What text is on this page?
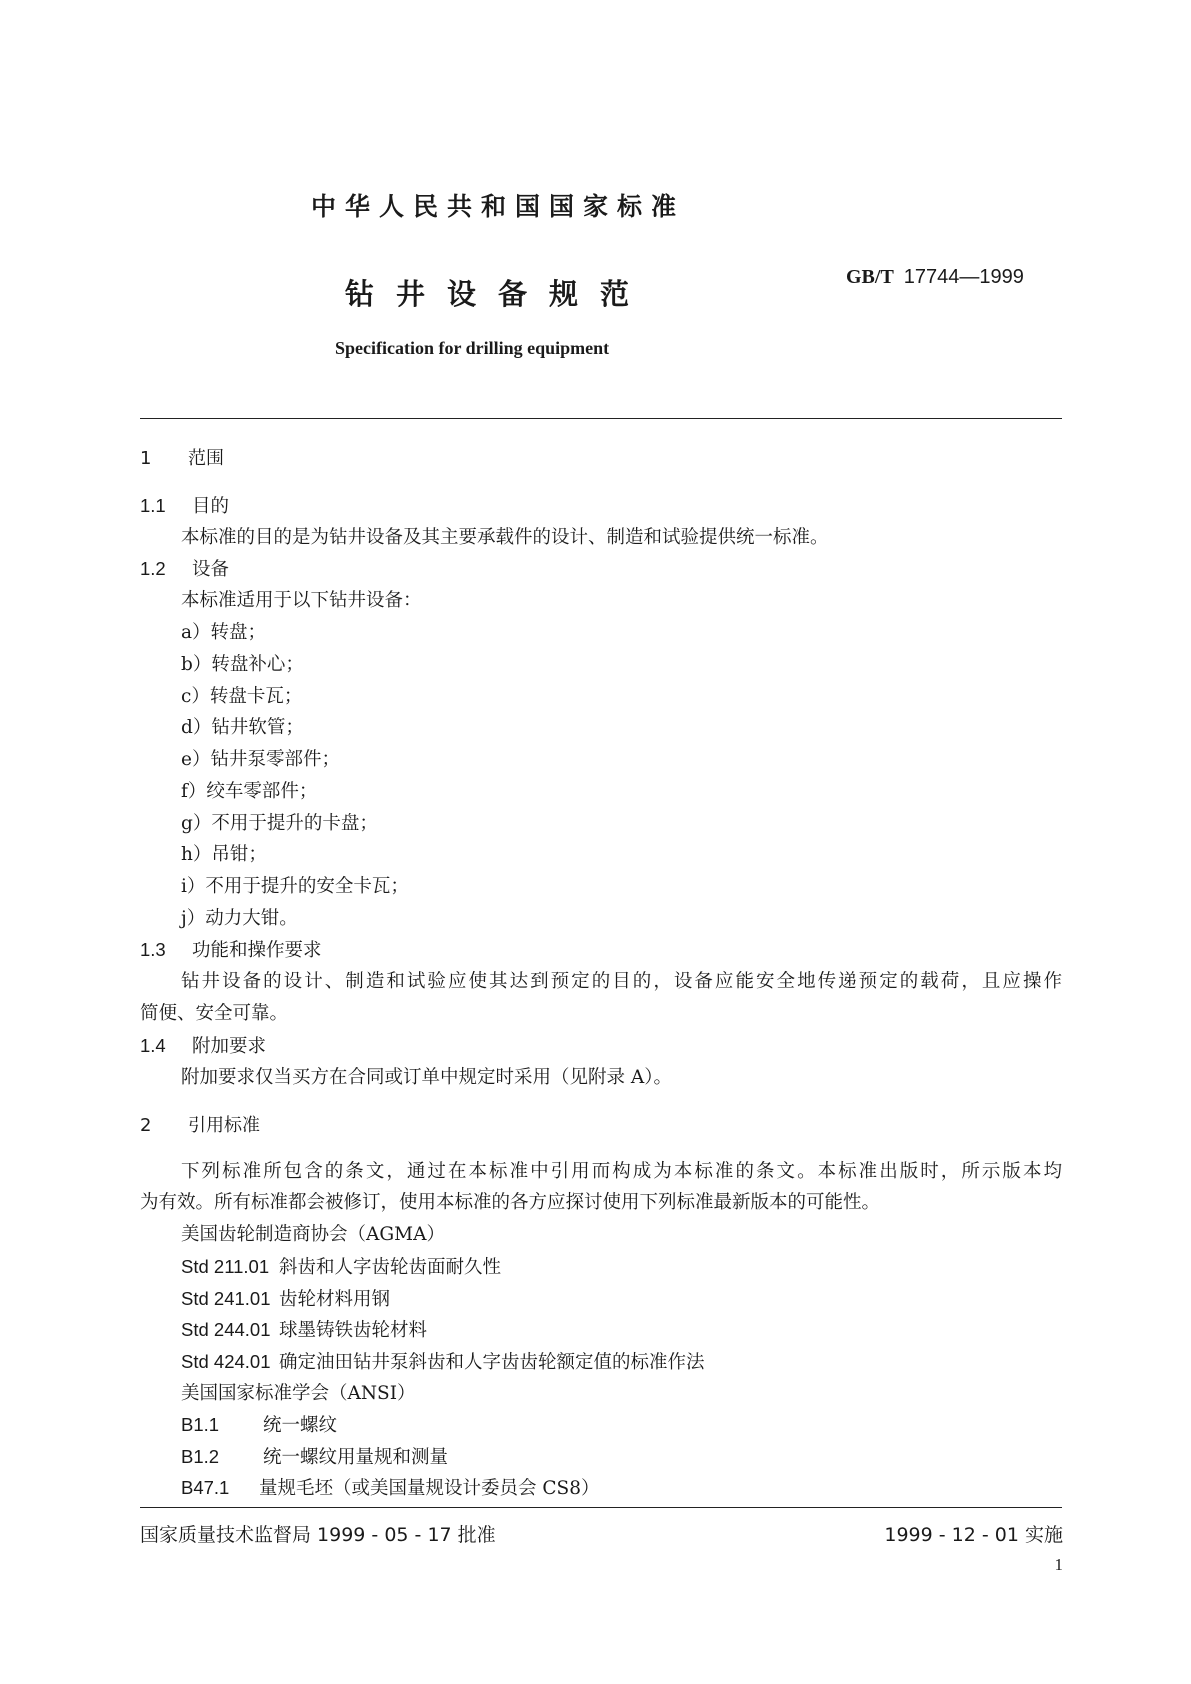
中华人民共和国国家标准
钻井设备规范	GB/T 17744—1999
Specification for drilling equipment
1 范围
1.1 目的
本标准的目的是为钻井设备及其主要承载件的设计、制造和试验提供统一标准。
1.2 设备
本标准适用于以下钻井设备：
a）转盘；
b）转盘补心；
c）转盘卡瓦；
d）钻井软管；
e）钻井泵零部件；
f）绞车零部件；
g）不用于提升的卡盘；
h）吊钳；
i）不用于提升的安全卡瓦；
j）动力大钳。
1.3 功能和操作要求
钻井设备的设计、制造和试验应使其达到预定的目的，设备应能安全地传递预定的载荷，且应操作
简便、安全可靠。
1.4 附加要求
附加要求仅当买方在合同或订单中规定时采用（见附录 A）。
2 引用标准
下列标准所包含的条文，通过在本标准中引用而构成为本标准的条文。本标准出版时，所示版本均
为有效。所有标准都会被修订，使用本标准的各方应探讨使用下列标准最新版本的可能性。
美国齿轮制造商协会（AGMA）
Std 211.01 斜齿和人字齿轮齿面耐久性
Std 241.01 齿轮材料用钢
Std 244.01 球墨铸铁齿轮材料
Std 424.01 确定油田钻井泵斜齿和人字齿齿轮额定值的标准作法
美国国家标准学会（ANSI）
B1.1 统一螺纹
B1.2 统一螺纹用量规和测量
B47.1 量规毛坯（或美国量规设计委员会 CS8）
国家质量技术监督局 1999 - 05 - 17 批准	1999 - 12 - 01 实施
1
